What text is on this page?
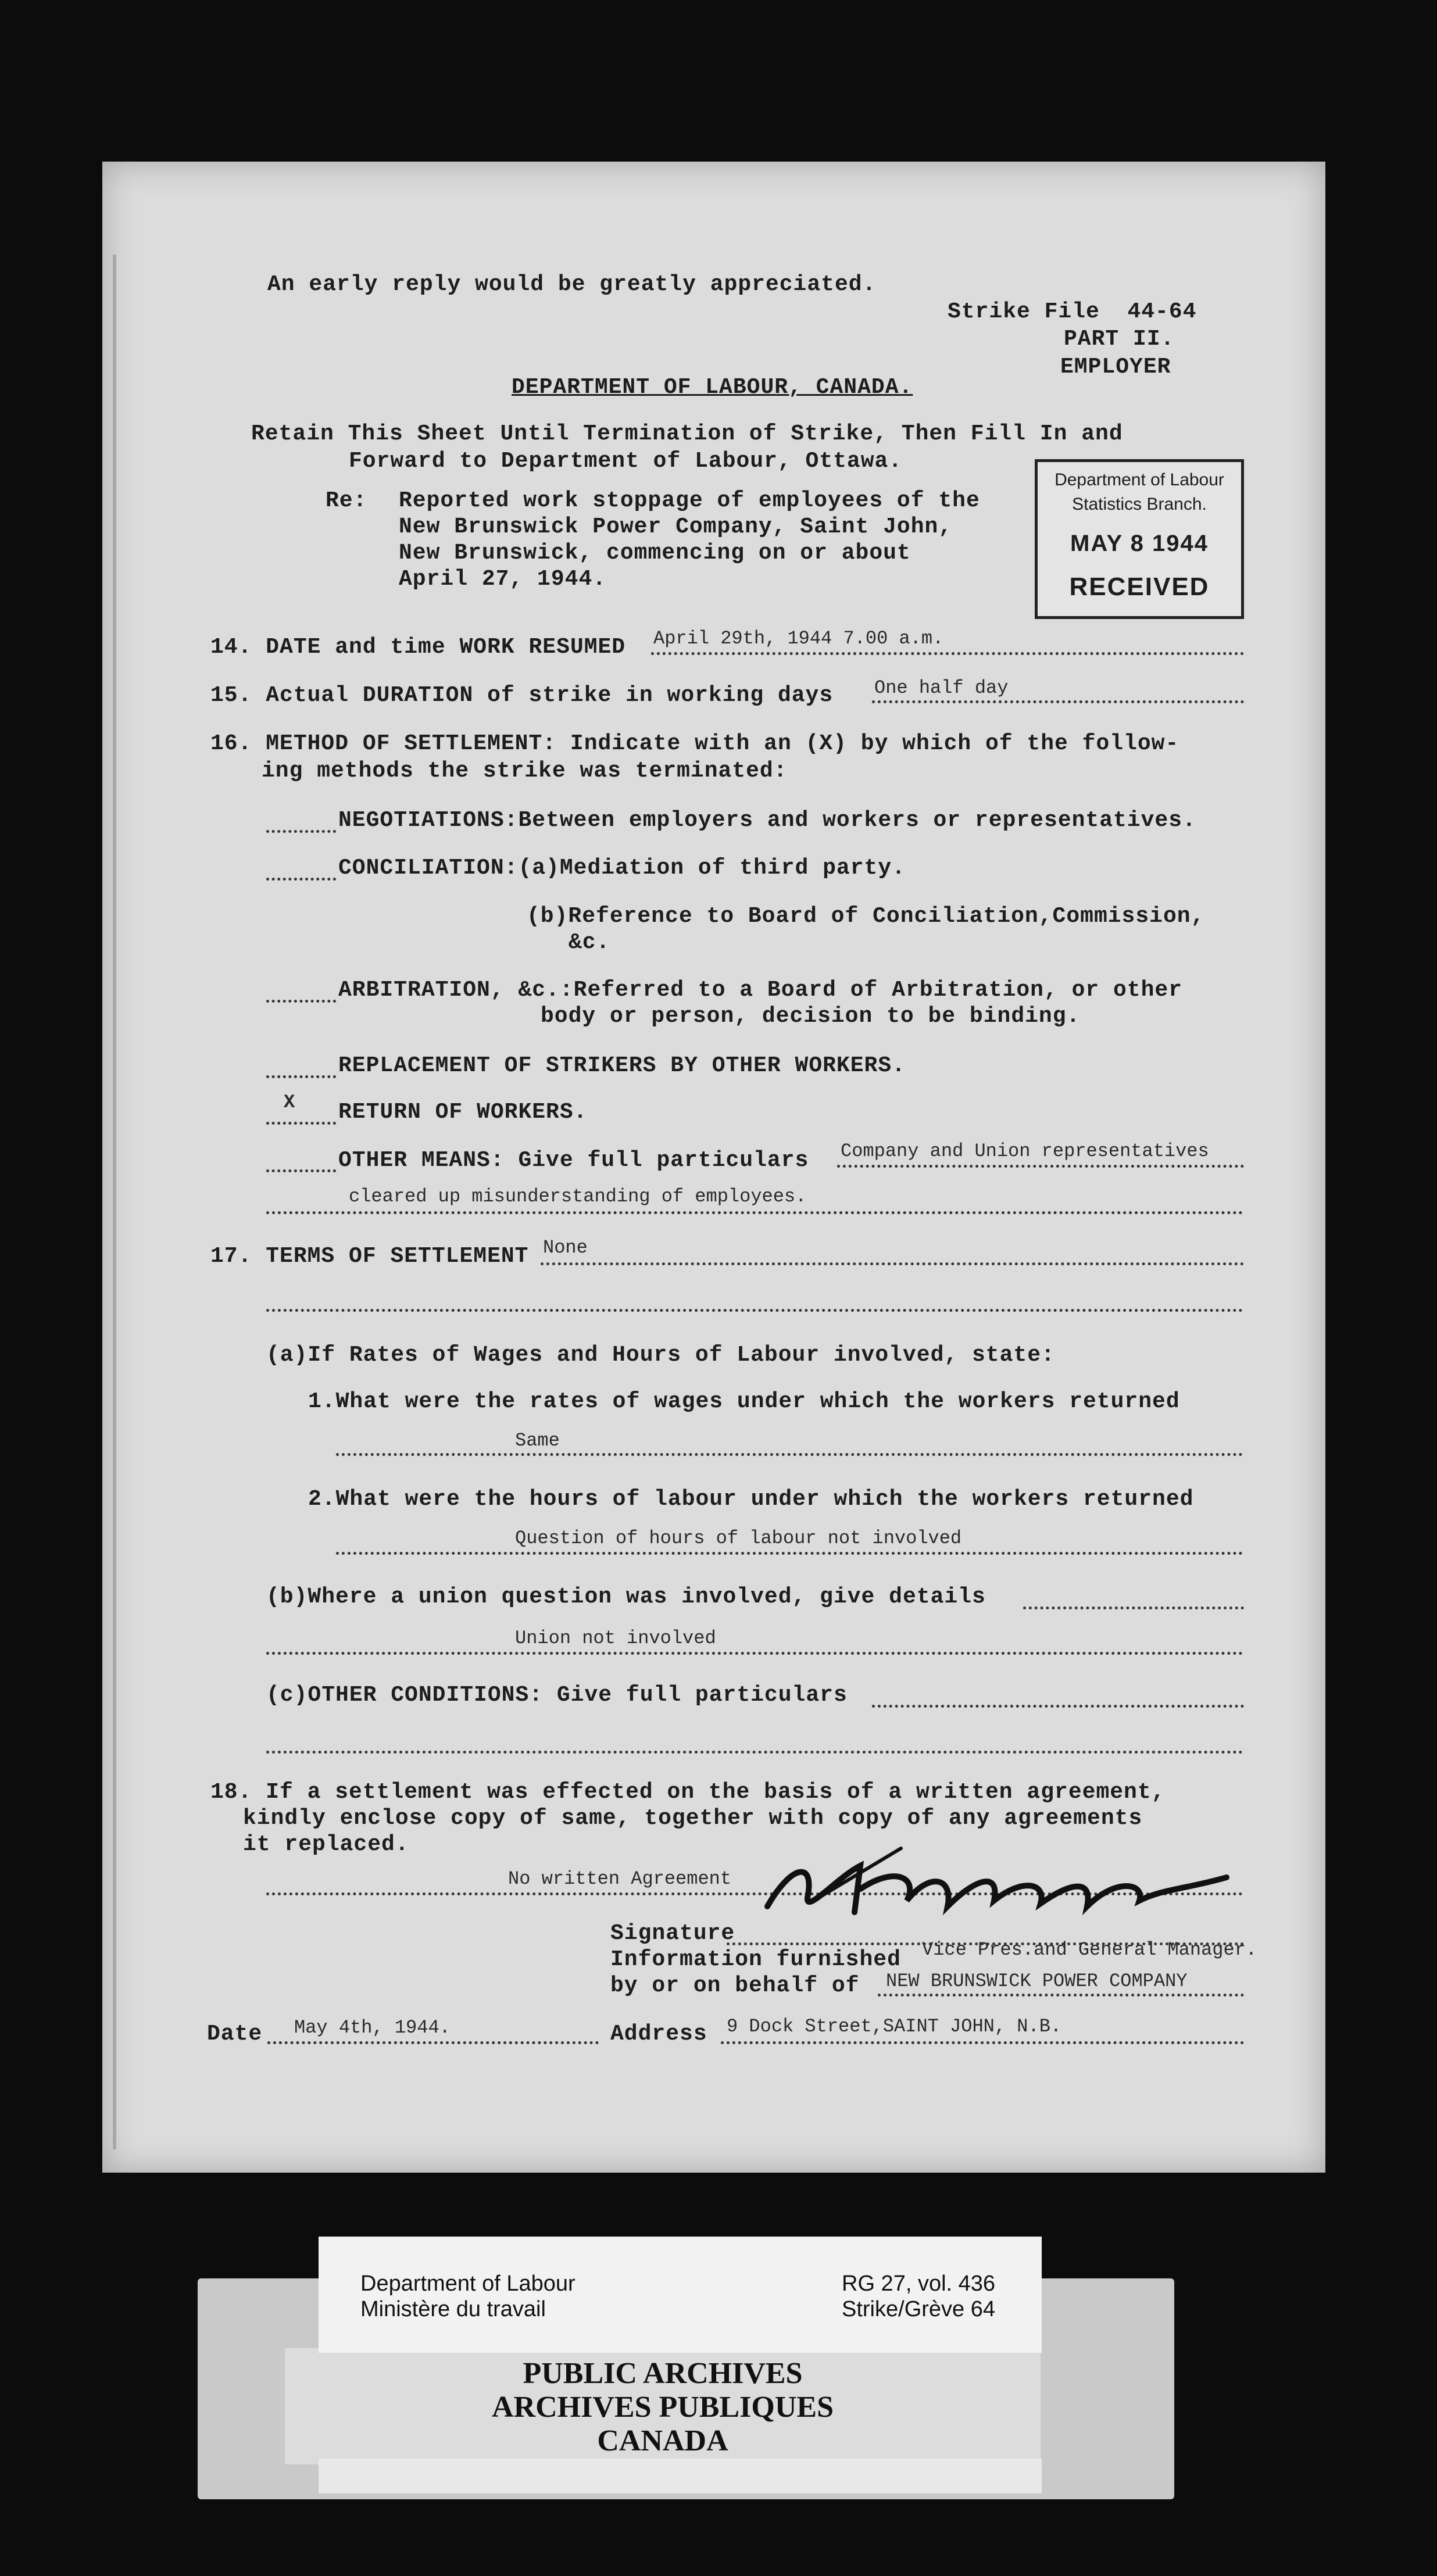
An early reply would be greatly appreciated.
Strike File  44-64
PART II.
EMPLOYER
DEPARTMENT OF LABOUR, CANADA.
Retain This Sheet Until Termination of Strike, Then Fill In and
Forward to Department of Labour, Ottawa.
Re: Reported work stoppage of employees of the
New Brunswick Power Company, Saint John,
New Brunswick, commencing on or about
April 27, 1944.
Department of Labour
Statistics Branch.
MAY 8 1944
RECEIVED
14. DATE and time WORK RESUMED April 29th, 1944 7.00 a.m.
15. Actual DURATION of strike in working days One half day
16. METHOD OF SETTLEMENT: Indicate with an (X) by which of the follow-
ing methods the strike was terminated:
NEGOTIATIONS:Between employers and workers or representatives.
CONCILIATION:(a)Mediation of third party.
(b)Reference to Board of Conciliation,Commission,
&c.
ARBITRATION, &c.:Referred to a Board of Arbitration, or other
body or person, decision to be binding.
REPLACEMENT OF STRIKERS BY OTHER WORKERS.
X RETURN OF WORKERS.
OTHER MEANS: Give full particulars Company and Union representatives
cleared up misunderstanding of employees.
17. TERMS OF SETTLEMENT None
(a)If Rates of Wages and Hours of Labour involved, state:
1.What were the rates of wages under which the workers returned
Same
2.What were the hours of labour under which the workers returned
Question of hours of labour not involved
(b)Where a union question was involved, give details
Union not involved
(c)OTHER CONDITIONS: Give full particulars
18. If a settlement was effected on the basis of a written agreement,
kindly enclose copy of same, together with copy of any agreements
it replaced.
No written Agreement
Signature
Information furnished Vice Pres.and General Manager.
by or on behalf of NEW BRUNSWICK POWER COMPANY
Date May 4th, 1944.	Address 9 Dock Street,SAINT JOHN, N.B.
PUBLIC ARCHIVES
ARCHIVES PUBLIQUES
CANADA
Department of Labour
Ministère du travail
RG 27, vol. 436
Strike/Grève 64
